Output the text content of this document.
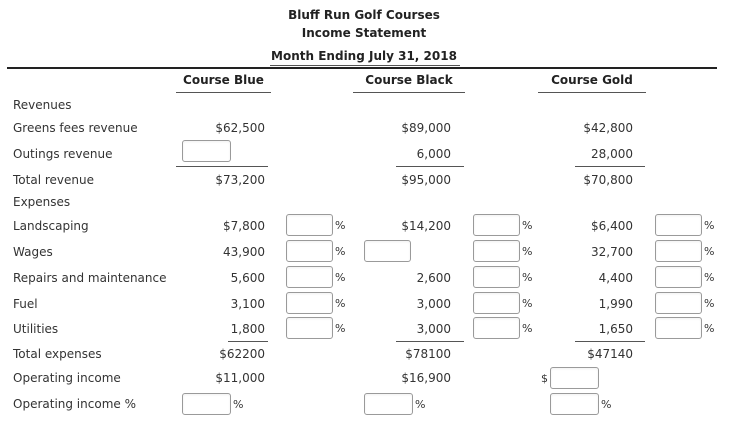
Bluff Run Golf Courses
Income Statement
Month Ending July 31, 2018
Course Blue	Course Black	Course Gold
Revenues
Greens fees revenue
Outings revenue
Total revenue
Expenses
Landscaping
Wages
Repairs and maintenance
Fuel
Utilities
Total expenses
Operating income
Operating income %
$62,500
$73,200
$7,800
43,900
5,600
3,100
1,800
$62200
$11,000
%
%
%
%
%
%
$89,000
6,000
$95,000
$14,200
2,600
3,000
3,000
$78100
$16,900
%
%
%
%
%
%
$42,800
28,000
$70,800
$6,400
32,700
4,400
1,990
1,650
$47140
$
%
%
%
%
%
%
